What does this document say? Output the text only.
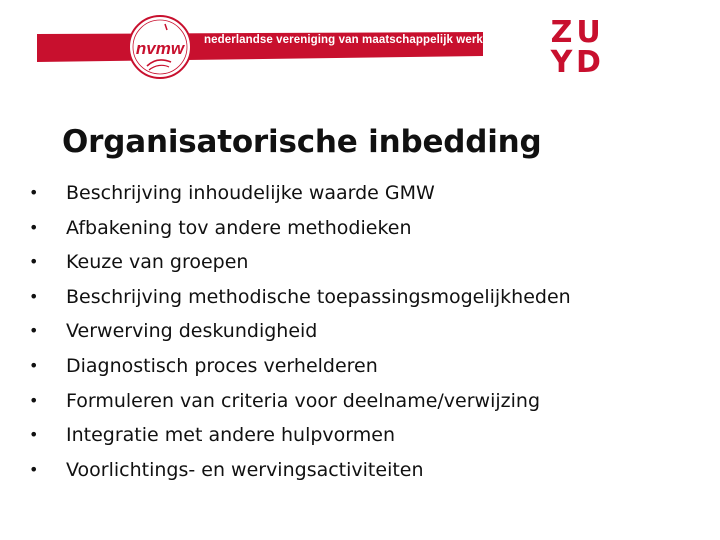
nvmw nederlandse vereniging van maatschappelijk werkers Z U
Y D
Organisatorische inbedding
• Beschrijving inhoudelijke waarde GMW
• Afbakening tov andere methodieken
• Keuze van groepen
• Beschrijving methodische toepassingsmogelijkheden
• Verwerving deskundigheid
• Diagnostisch proces verhelderen
• Formuleren van criteria voor deelname/verwijzing
• Integratie met andere hulpvormen
• Voorlichtings- en wervingsactiviteiten
